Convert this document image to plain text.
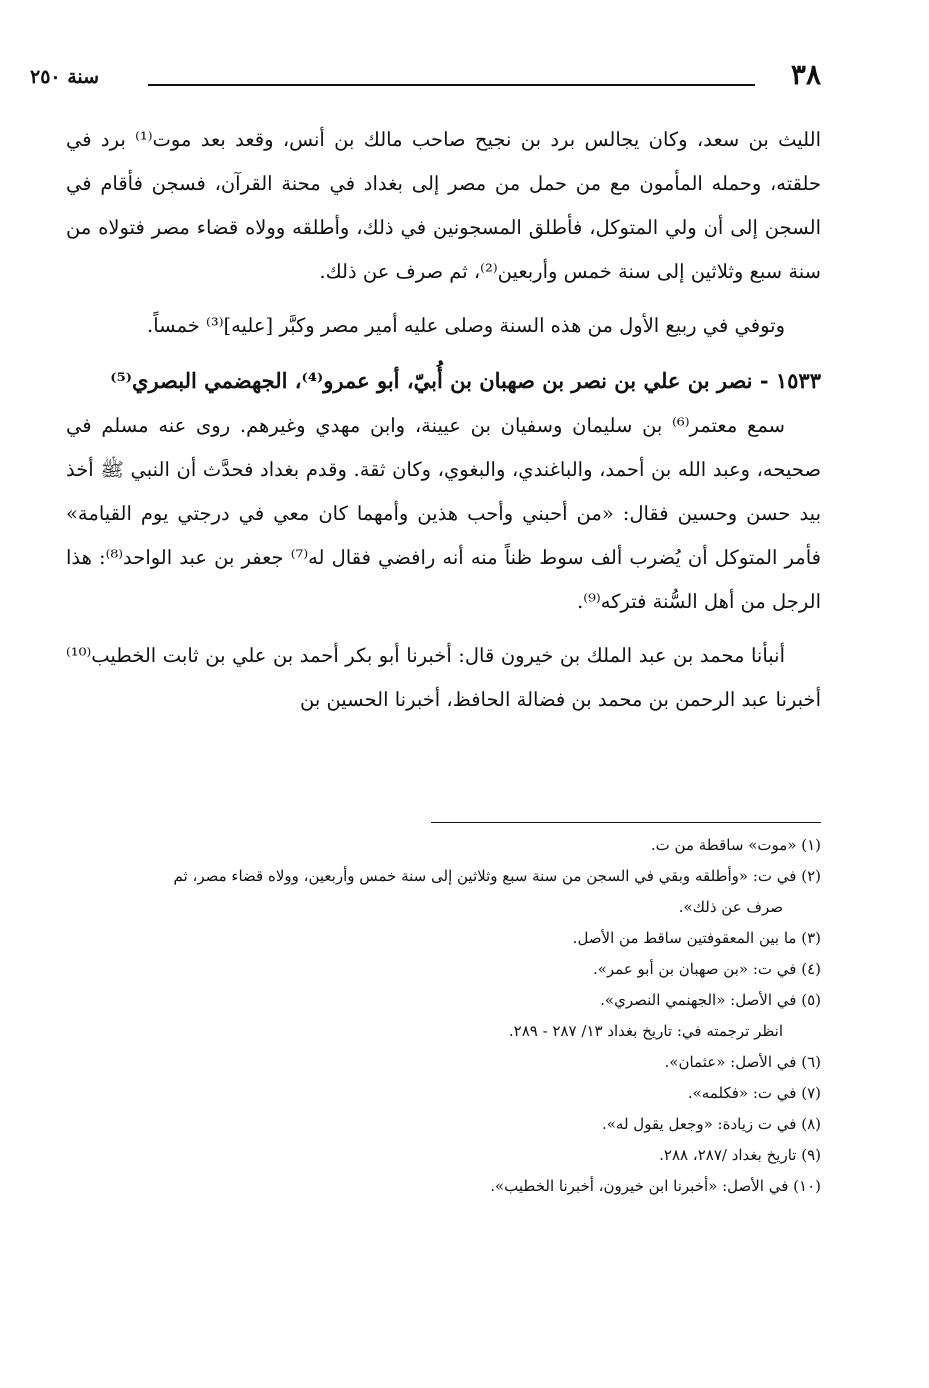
٣٨
سنة ٢٥٠

الليث بن سعد، وكان يجالس برد بن نجيح صاحب مالك بن أنس، وقعد بعد موت⁽¹⁾ برد في حلقته، وحمله المأمون مع من حمل من مصر إلى بغداد في محنة القرآن، فسجن فأقام في السجن إلى أن ولي المتوكل، فأطلق المسجونين في ذلك، وأطلقه وولاه قضاء مصر فتولاه من سنة سبع وثلاثين إلى سنة خمس وأربعين⁽²⁾، ثم صرف عن ذلك.

وتوفي في ربيع الأول من هذه السنة وصلى عليه أمير مصر وكبَّر [عليه]⁽³⁾ خمساً.

١٥٣٣ - نصر بن علي بن نصر بن صهبان بن أُبيّ، أبو عمرو⁽⁴⁾، الجهضمي البصري⁽⁵⁾

سمع معتمر⁽⁶⁾ بن سليمان وسفيان بن عيينة، وابن مهدي وغيرهم. روى عنه مسلم في صحيحه، وعبد الله بن أحمد، والباغندي، والبغوي، وكان ثقة. وقدم بغداد فحدَّث أن النبي ﷺ أخذ بيد حسن وحسين فقال: «من أحبني وأحب هذين وأمهما كان معي في درجتي يوم القيامة» فأمر المتوكل أن يُضرب ألف سوط ظناً منه أنه رافضي فقال له⁽⁷⁾ جعفر بن عبد الواحد⁽⁸⁾: هذا الرجل من أهل السُّنة فتركه⁽⁹⁾.

أنبأنا محمد بن عبد الملك بن خيرون قال: أخبرنا أبو بكر أحمد بن علي بن ثابت الخطيب⁽¹⁰⁾ أخبرنا عبد الرحمن بن محمد بن فضالة الحافظ، أخبرنا الحسين بن

(١) «موت» ساقطة من ت.

(٢) في ت: «وأطلقه وبقي في السجن من سنة سبع وثلاثين إلى سنة خمس وأربعين، وولاه قضاء مصر، ثم

صرف عن ذلك».

(٣) ما بين المعقوفتين ساقط من الأصل.

(٤) في ت: «بن صهبان بن أبو عمر».

(٥) في الأصل: «الجهنمي النصري».

انظر ترجمته في: تاريخ بغداد ١٣/ ٢٨٧ - ٢٨٩.

(٦) في الأصل: «عثمان».

(٧) في ت: «فكلمه».

(٨) في ت زيادة: «وجعل يقول له».

(٩) تاريخ بغداد /٢٨٧، ٢٨٨.

(١٠) في الأصل: «أخبرنا ابن خيرون، أخبرنا الخطيب».
